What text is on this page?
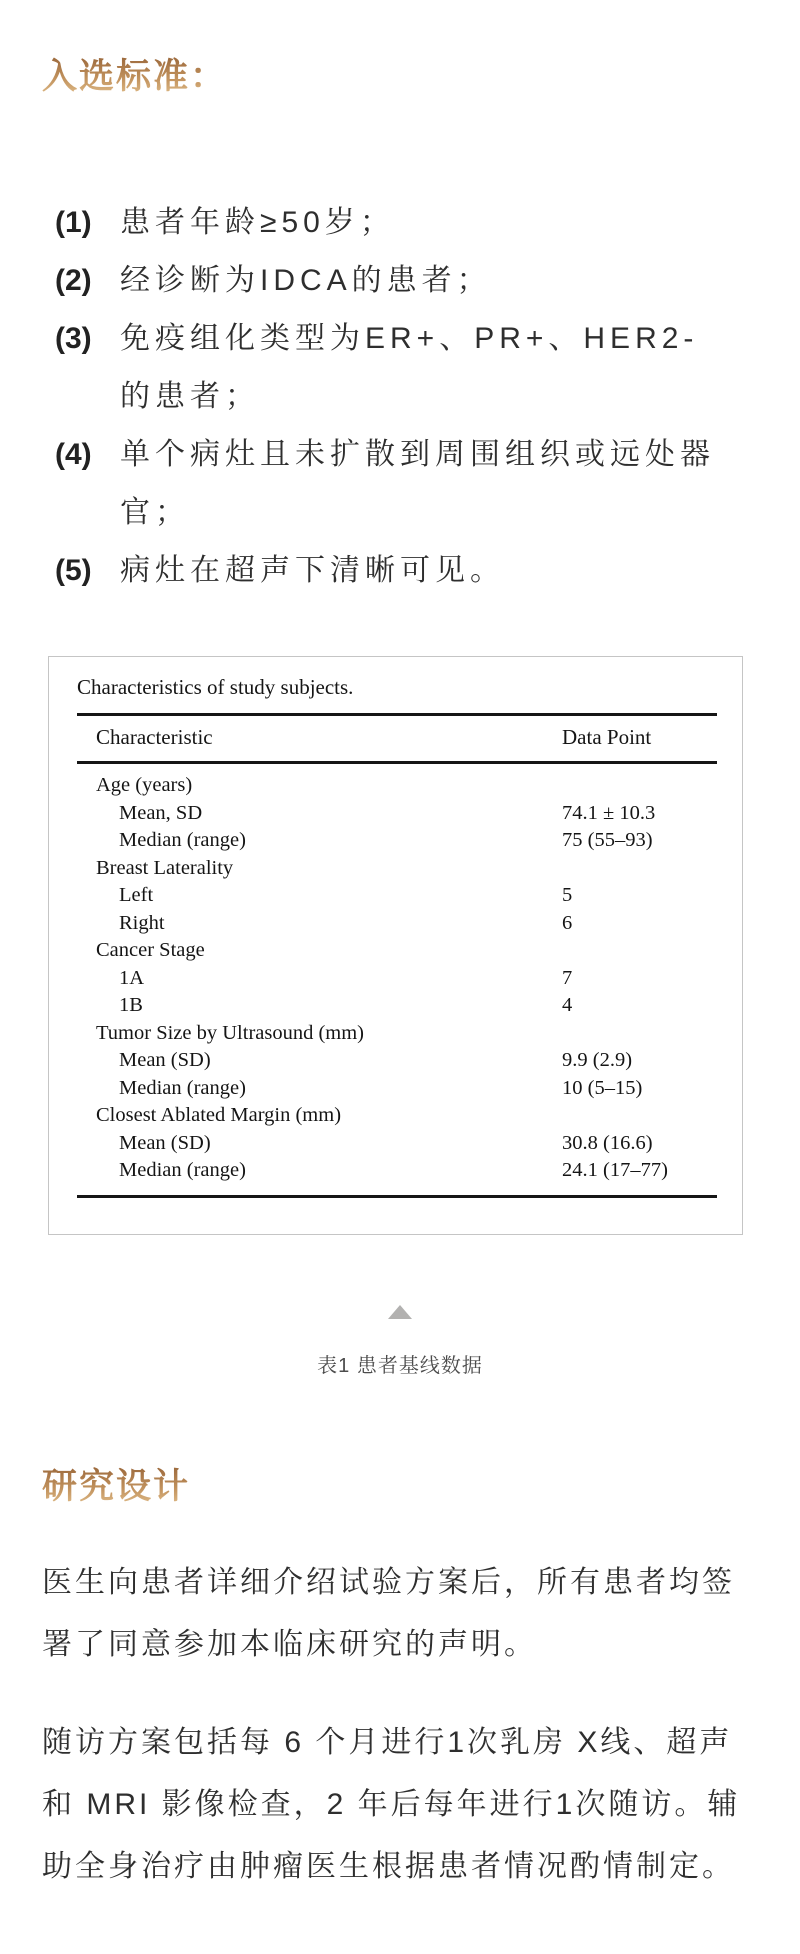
入选标准：
(1) 患者年龄≥50岁；
(2) 经诊断为IDCA的患者；
(3) 免疫组化类型为ER+、PR+、HER2-的患者；
(4) 单个病灶且未扩散到周围组织或远处器官；
(5) 病灶在超声下清晰可见。
Characteristics of study subjects.
Characteristic	Data Point
Age (years)
Mean, SD	74.1 ± 10.3
Median (range)	75 (55–93)
Breast Laterality
Left	5
Right	6
Cancer Stage
1A	7
1B	4
Tumor Size by Ultrasound (mm)
Mean (SD)	9.9 (2.9)
Median (range)	10 (5–15)
Closest Ablated Margin (mm)
Mean (SD)	30.8 (16.6)
Median (range)	24.1 (17–77)
表1 患者基线数据
研究设计

医生向患者详细介绍试验方案后，所有患者均签署了同意参加本临床研究的声明。

随访方案包括每 6 个月进行1次乳房 X线、超声和 MRI 影像检查，2 年后每年进行1次随访。辅助全身治疗由肿瘤医生根据患者情况酌情制定。
